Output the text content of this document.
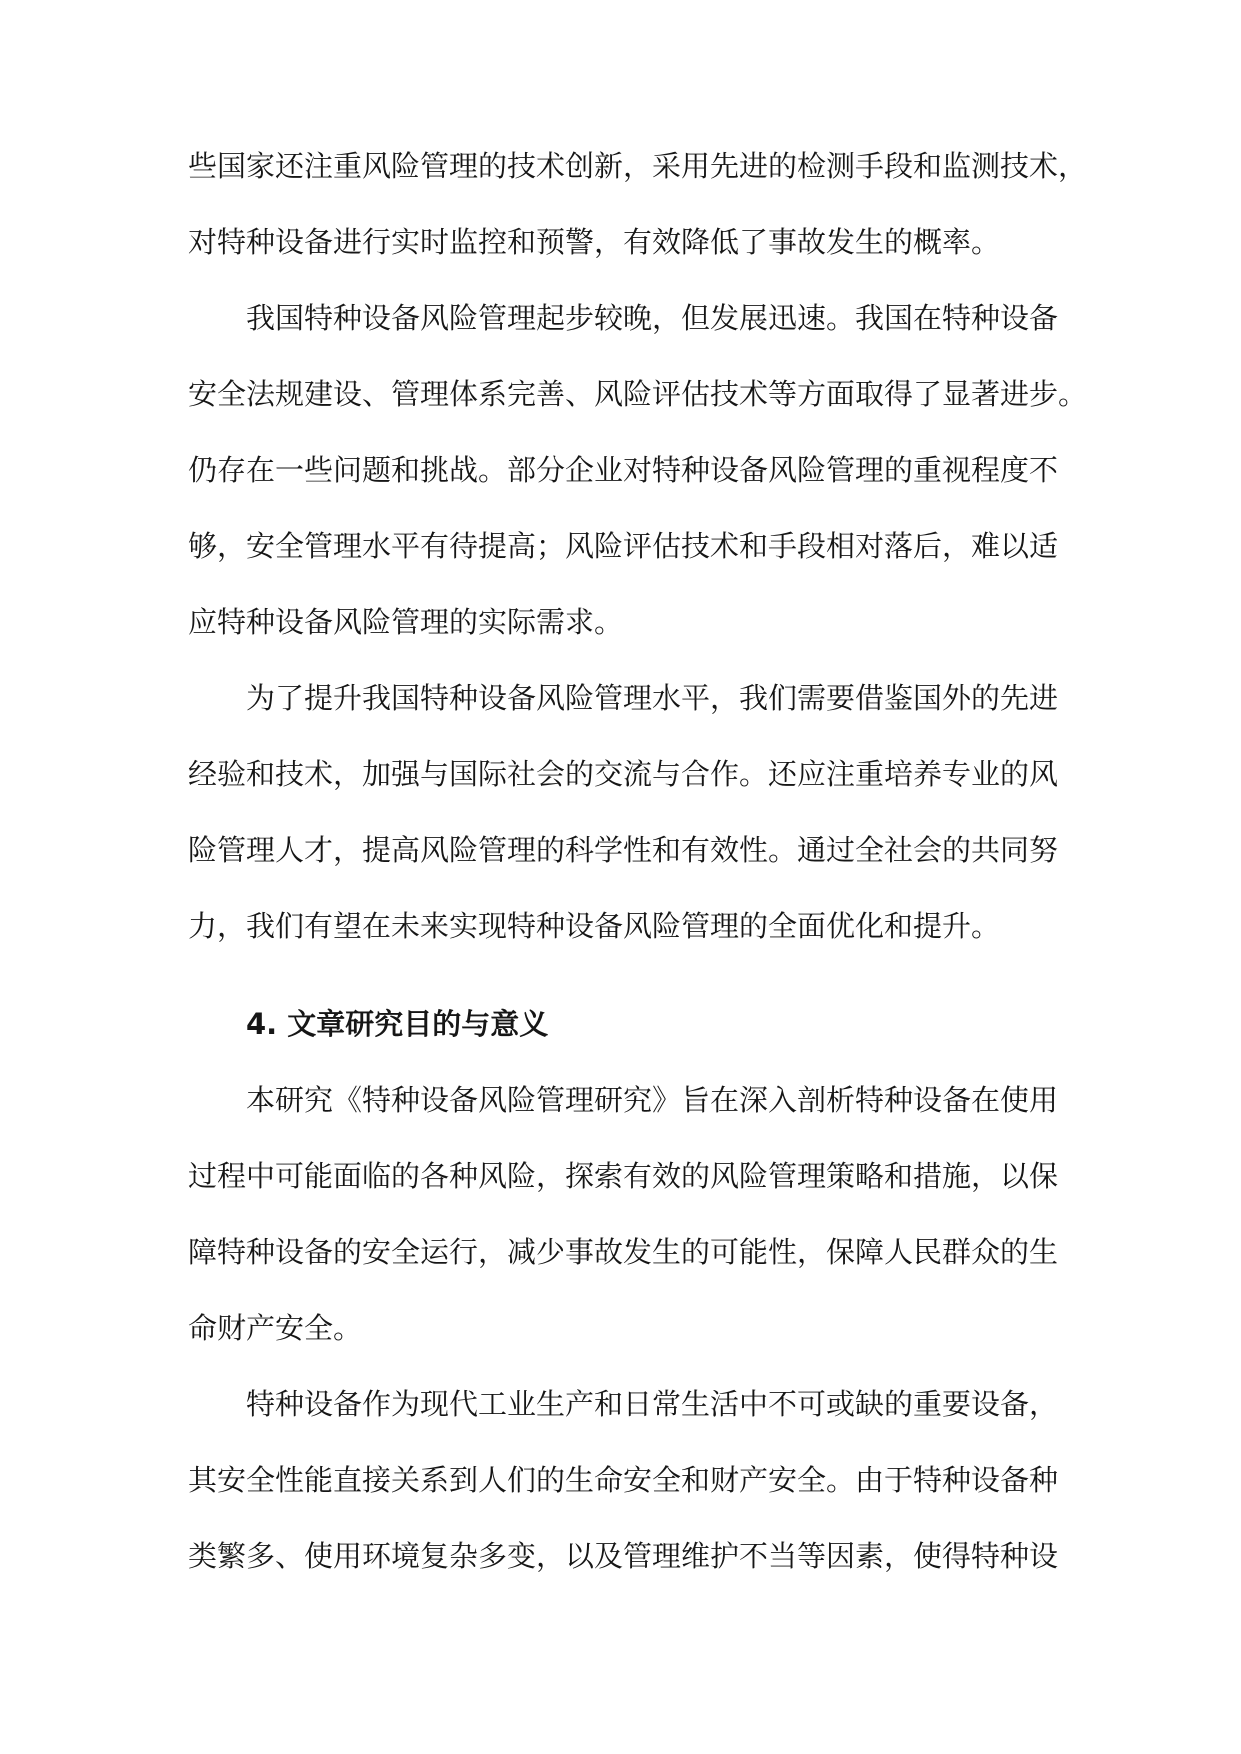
些国家还注重风险管理的技术创新，采用先进的检测手段和监测技术，
对特种设备进行实时监控和预警，有效降低了事故发生的概率。
我国特种设备风险管理起步较晚，但发展迅速。我国在特种设备
安全法规建设、管理体系完善、风险评估技术等方面取得了显著进步。
仍存在一些问题和挑战。部分企业对特种设备风险管理的重视程度不
够，安全管理水平有待提高；风险评估技术和手段相对落后，难以适
应特种设备风险管理的实际需求。
为了提升我国特种设备风险管理水平，我们需要借鉴国外的先进
经验和技术，加强与国际社会的交流与合作。还应注重培养专业的风
险管理人才，提高风险管理的科学性和有效性。通过全社会的共同努
力，我们有望在未来实现特种设备风险管理的全面优化和提升。
4. 文章研究目的与意义
本研究《特种设备风险管理研究》旨在深入剖析特种设备在使用
过程中可能面临的各种风险，探索有效的风险管理策略和措施，以保
障特种设备的安全运行，减少事故发生的可能性，保障人民群众的生
命财产安全。
特种设备作为现代工业生产和日常生活中不可或缺的重要设备，
其安全性能直接关系到人们的生命安全和财产安全。由于特种设备种
类繁多、使用环境复杂多变，以及管理维护不当等因素，使得特种设
